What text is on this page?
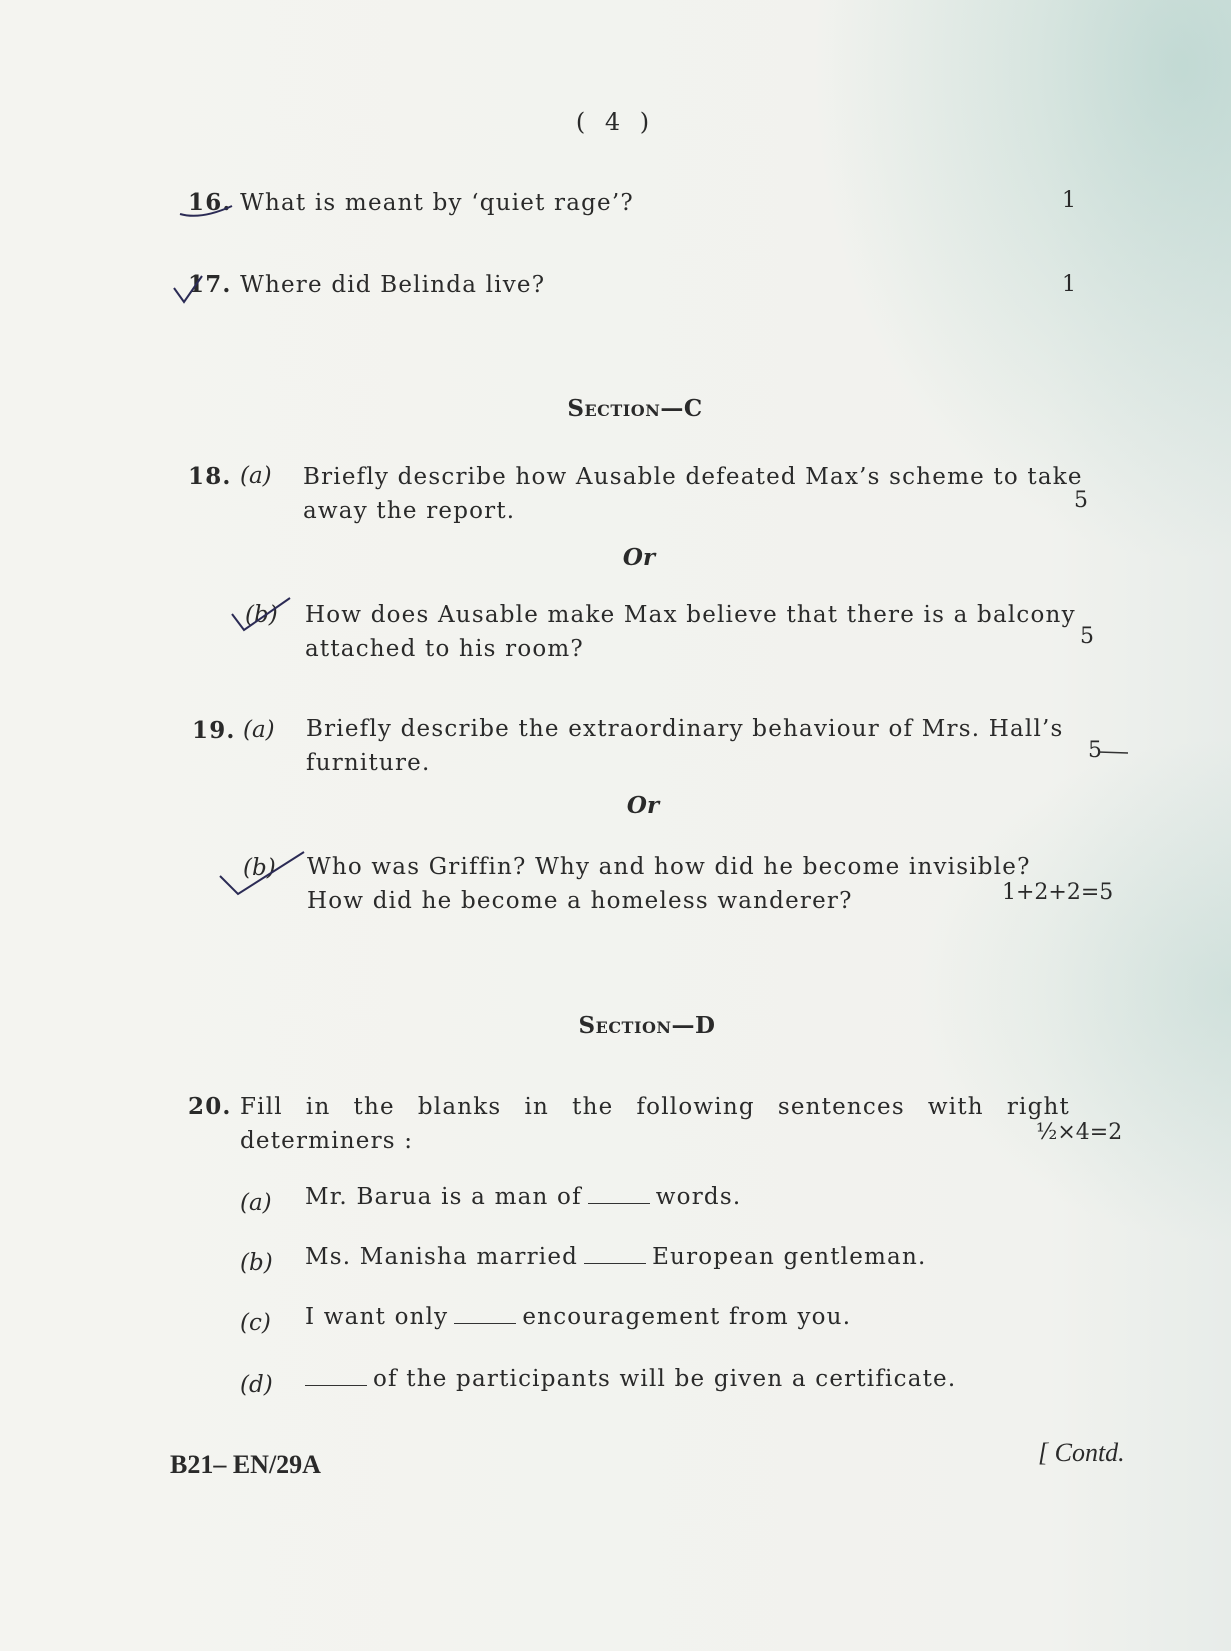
( 4 )
16. What is meant by ‘quiet rage’?	1
17. Where did Belinda live?	1
Section—C
18. (a) Briefly describe how Ausable defeated Max’s scheme to take
away the report.	5
Or
(b) How does Ausable make Max believe that there is a balcony
attached to his room?	5
19. (a) Briefly describe the extraordinary behaviour of Mrs. Hall’s
furniture.	5
Or
(b) Who was Griffin? Why and how did he become invisible?
How did he become a homeless wanderer?	1+2+2=5
Section—D
20. Fill in the blanks in the following sentences with right
determiners :	½×4=2
(a) Mr. Barua is a man of	words.
(b) Ms. Manisha married	European gentleman.
(c) I want only	encouragement from you.
(d)	of the participants will be given a certificate.
B21– EN/29A	[ Contd.
